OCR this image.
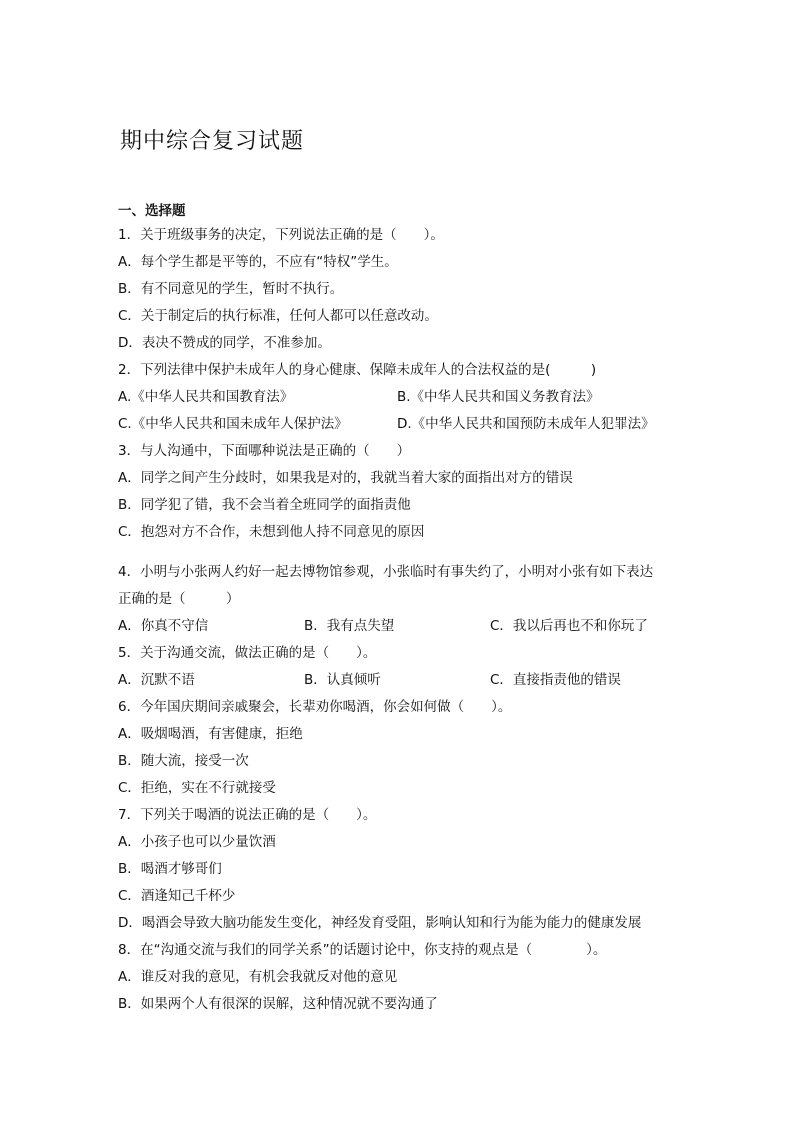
期中综合复习试题
一、选择题
1．关于班级事务的决定，下列说法正确的是（　　）。
A．每个学生都是平等的，不应有“特权”学生。
B．有不同意见的学生，暂时不执行。
C．关于制定后的执行标准，任何人都可以任意改动。
D．表决不赞成的同学，不准参加。
2．下列法律中保护未成年人的身心健康、保障未成年人的合法权益的是(　　　)
A.《中华人民共和国教育法》	B.《中华人民共和国义务教育法》
C.《中华人民共和国未成年人保护法》	D.《中华人民共和国预防未成年人犯罪法》
3．与人沟通中，下面哪种说法是正确的（　　）
A．同学之间产生分歧时，如果我是对的，我就当着大家的面指出对方的错误
B．同学犯了错，我不会当着全班同学的面指责他
C．抱怨对方不合作，未想到他人持不同意见的原因
4．小明与小张两人约好一起去博物馆参观，小张临时有事失约了，小明对小张有如下表达
正确的是（　　　）
A．你真不守信	B．我有点失望	C．我以后再也不和你玩了
5．关于沟通交流，做法正确的是（　　）。
A．沉默不语	B．认真倾听	C．直接指责他的错误
6．今年国庆期间亲戚聚会，长辈劝你喝酒，你会如何做（　　）。
A．吸烟喝酒，有害健康，拒绝
B．随大流，接受一次
C．拒绝，实在不行就接受
7．下列关于喝酒的说法正确的是（　　）。
A．小孩子也可以少量饮酒
B．喝酒才够哥们
C．酒逢知己千杯少
D．喝酒会导致大脑功能发生变化，神经发育受阻，影响认知和行为能为能力的健康发展
8．在“沟通交流与我们的同学关系”的话题讨论中，你支持的观点是（　　　　）。
A．谁反对我的意见，有机会我就反对他的意见
B．如果两个人有很深的误解，这种情况就不要沟通了
